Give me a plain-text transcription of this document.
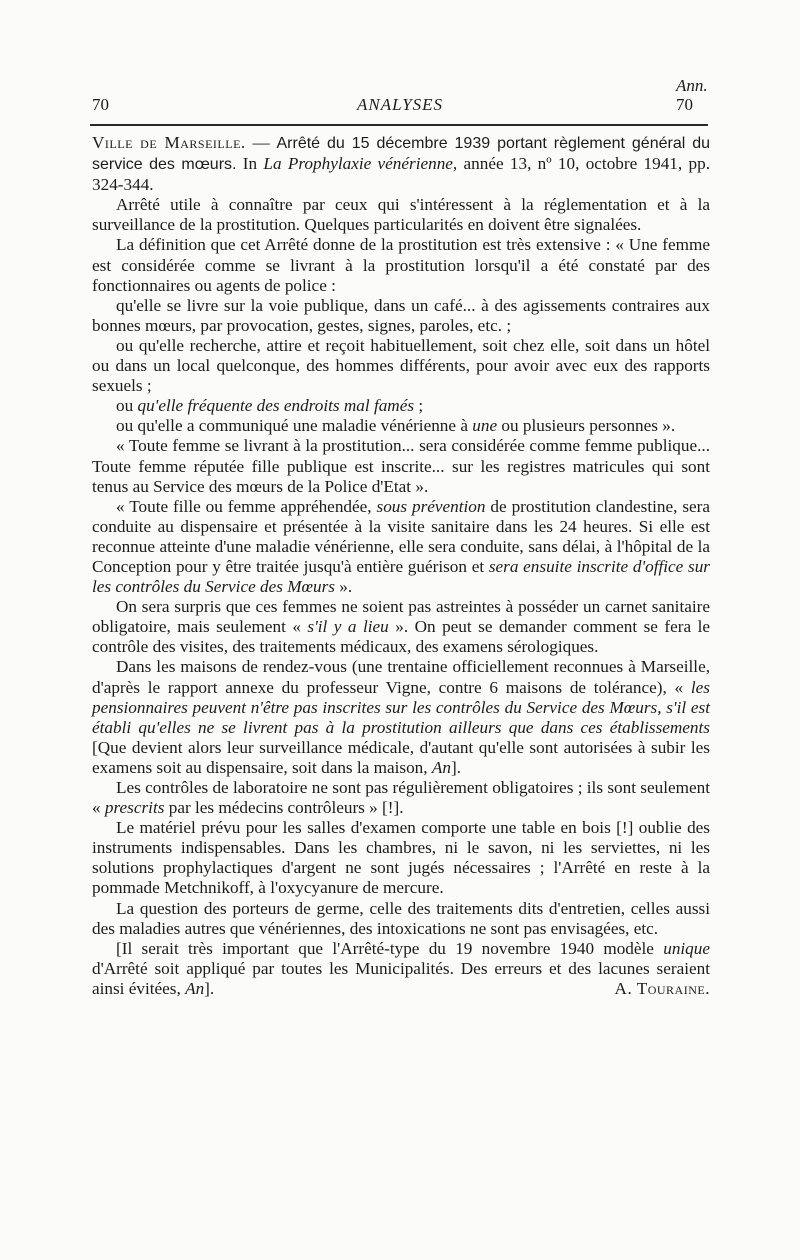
Ann.
70	ANALYSES	70

Ville de Marseille. — Arrêté du 15 décembre 1939 portant règlement général du service des mœurs. In La Prophylaxie vénérienne, année 13, nº 10, octobre 1941, pp. 324-344.

Arrêté utile à connaître par ceux qui s'intéressent à la réglementation et à la surveillance de la prostitution. Quelques particularités en doivent être signalées.

La définition que cet Arrêté donne de la prostitution est très extensive : « Une femme est considérée comme se livrant à la prostitution lorsqu'il a été constaté par des fonctionnaires ou agents de police :

qu'elle se livre sur la voie publique, dans un café... à des agissements contraires aux bonnes mœurs, par provocation, gestes, signes, paroles, etc. ;

ou qu'elle recherche, attire et reçoit habituellement, soit chez elle, soit dans un hôtel ou dans un local quelconque, des hommes différents, pour avoir avec eux des rapports sexuels ;

ou qu'elle fréquente des endroits mal famés ;

ou qu'elle a communiqué une maladie vénérienne à une ou plusieurs personnes ».

« Toute femme se livrant à la prostitution... sera considérée comme femme publique... Toute femme réputée fille publique est inscrite... sur les registres matricules qui sont tenus au Service des mœurs de la Police d'Etat ».

« Toute fille ou femme appréhendée, sous prévention de prostitution clandestine, sera conduite au dispensaire et présentée à la visite sanitaire dans les 24 heures. Si elle est reconnue atteinte d'une maladie vénérienne, elle sera conduite, sans délai, à l'hôpital de la Conception pour y être traitée jusqu'à entière guérison et sera ensuite inscrite d'office sur les contrôles du Service des Mœurs ».

On sera surpris que ces femmes ne soient pas astreintes à posséder un carnet sanitaire obligatoire, mais seulement « s'il y a lieu ». On peut se demander comment se fera le contrôle des visites, des traitements médicaux, des examens sérologiques.

Dans les maisons de rendez-vous (une trentaine officiellement reconnues à Marseille, d'après le rapport annexe du professeur Vigne, contre 6 maisons de tolérance), « les pensionnaires peuvent n'être pas inscrites sur les contrôles du Service des Mœurs, s'il est établi qu'elles ne se livrent pas à la prostitution ailleurs que dans ces établissements [Que devient alors leur surveillance médicale, d'autant qu'elle sont autorisées à subir les examens soit au dispensaire, soit dans la maison, An].

Les contrôles de laboratoire ne sont pas régulièrement obligatoires ; ils sont seulement « prescrits par les médecins contrôleurs » [!].

Le matériel prévu pour les salles d'examen comporte une table en bois [!] oublie des instruments indispensables. Dans les chambres, ni le savon, ni les serviettes, ni les solutions prophylactiques d'argent ne sont jugés nécessaires ; l'Arrêté en reste à la pommade Metchnikoff, à l'oxycyanure de mercure.

La question des porteurs de germe, celle des traitements dits d'entretien, celles aussi des maladies autres que vénériennes, des intoxications ne sont pas envisagées, etc.

[Il serait très important que l'Arrêté-type du 19 novembre 1940 modèle unique d'Arrêté soit appliqué par toutes les Municipalités. Des erreurs et des lacunes seraient ainsi évitées, An].	A. Touraine.
